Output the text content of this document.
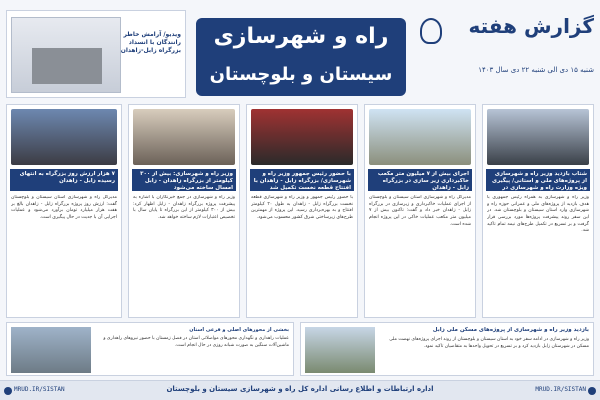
گزارش هفته
شنبه ۱۵ دی الی شنبه ۲۲ دی سال ۱۴۰۳
راه و شهرسازی
سیستان و بلوچستان
ویدیو/ آرامش خاطر رانندگان با انسداد بزرگراه زابل-زاهدان
شتاب بازدید وزیر راه و شهرسازی از پروژه‌های ملی و استانی/ پیگیری ویژه وزارت راه و شهرسازی در
وزیر راه و شهرسازی به همراه رئیس جمهوری با هدف بازدید از پروژه‌های ملی و عمرانی حوزه راه و شهرسازی وارد استان سیستان و بلوچستان شد. در این سفر روند پیشرفت پروژه‌ها مورد بررسی قرار گرفت و بر تسریع در تکمیل طرح‌های نیمه تمام تاکید شد.
اجرای بیش از ۷ میلیون متر مکعب خاکبرداری زیر سازی در بزرگراه زابل - زاهدان
مدیرکل راه و شهرسازی استان سیستان و بلوچستان از اجرای عملیات خاکبرداری و زیرسازی در بزرگراه زابل - زاهدان خبر داد و گفت: تاکنون بیش از ۷ میلیون متر مکعب عملیات خاکی در این پروژه انجام شده است.
با حضور رئیس جمهور وزیر راه و شهرسازی/ بزرگراه زابل - زاهدان با افتتاح قطعه نخست تکمیل شد
با حضور رئیس جمهور و وزیر راه و شهرسازی قطعه نخست بزرگراه زابل - زاهدان به طول ۲۰ کیلومتر افتتاح و به بهره‌برداری رسید. این پروژه از مهمترین طرح‌های زیرساختی شرق کشور محسوب می‌شود.
وزیر راه و شهرسازی: بیش از ۳۰۰ کیلومتر از بزرگراه زاهدان - زابل امسال ساخته می‌شود
وزیر راه و شهرسازی در جمع خبرنگاران با اشاره به پیشرفت پروژه بزرگراه زاهدان - زابل اظهار کرد: بیش از ۳۰۰ کیلومتر از این بزرگراه تا پایان سال با تخصیص اعتبارات لازم ساخته خواهد شد.
۷ هزار ارزش روز بزرگراه به انتهای رسیده زابل - زاهدان
مدیرکل راه و شهرسازی استان سیستان و بلوچستان گفت: ارزش روز پروژه بزرگراه زابل - زاهدان بالغ بر هفت هزار میلیارد تومان برآورد می‌شود و عملیات اجرایی آن با جدیت در حال پیگیری است.
بخشی از محورهای اصلی و فرعی استان
عملیات راهداری و نگهداری محورهای مواصلاتی استان در فصل زمستان با حضور نیروهای راهداری و ماشین‌آلات سنگین به صورت شبانه روزی در حال انجام است.
بازدید وزیر راه و شهرسازی از پروژه‌های مسکن ملی زابل
وزیر راه و شهرسازی در ادامه سفر خود به استان سیستان و بلوچستان از روند اجرای پروژه‌های نهضت ملی مسکن در شهرستان زابل بازدید کرد و بر تسریع در تحویل واحدها به متقاضیان تاکید نمود.
MRUD.IR/SISTAN	اداره ارتباطات و اطلاع رسانی اداره کل راه و شهرسازی سیستان و بلوچستان	MRUD.IR/SISTAN
